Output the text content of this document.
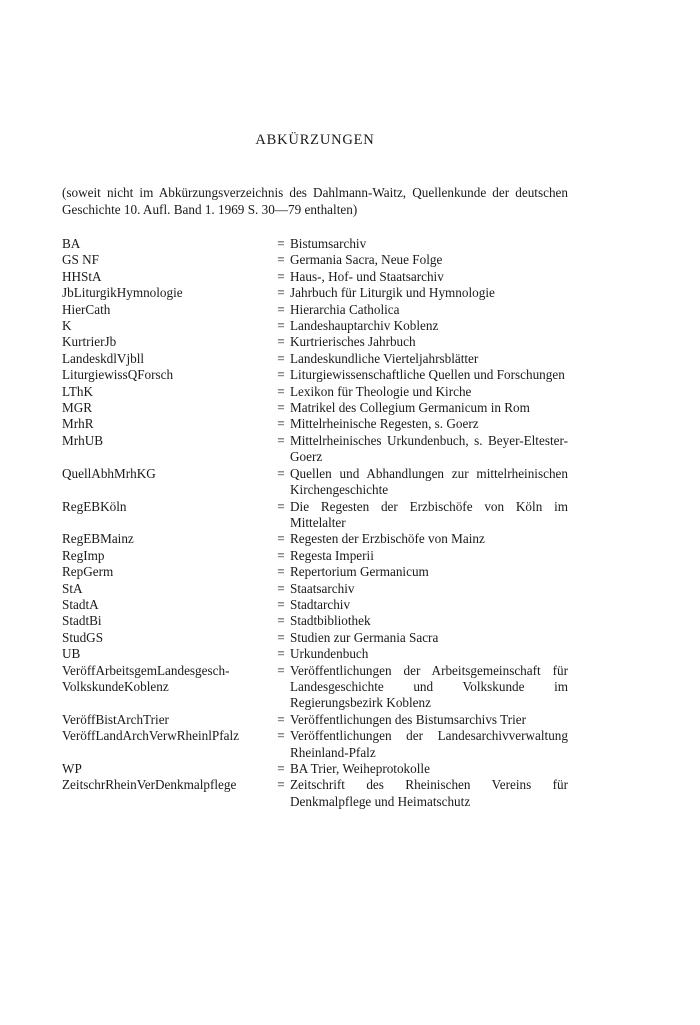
ABKÜRZUNGEN
(soweit nicht im Abkürzungsverzeichnis des Dahlmann-Waitz, Quellenkunde der deutschen Geschichte 10. Aufl. Band 1. 1969 S. 30—79 enthalten)
BA	= Bistumsarchiv
GS NF	= Germania Sacra, Neue Folge
HHStA	= Haus-, Hof- und Staatsarchiv
JbLiturgikHymnologie	= Jahrbuch für Liturgik und Hymnologie
HierCath	= Hierarchia Catholica
K	= Landeshauptarchiv Koblenz
KurtrierJb	= Kurtrierisches Jahrbuch
LandeskdlVjbll	= Landeskundliche Vierteljahrsblätter
LiturgiewissQForsch	= Liturgiewissenschaftliche Quellen und Forschungen
LThK	= Lexikon für Theologie und Kirche
MGR	= Matrikel des Collegium Germanicum in Rom
MrhR	= Mittelrheinische Regesten, s. Goerz
MrhUB	= Mittelrheinisches Urkundenbuch, s. Beyer-Eltester-Goerz
QuellAbhMrhKG	= Quellen und Abhandlungen zur mittelrheinischen Kirchengeschichte
RegEBKöln	= Die Regesten der Erzbischöfe von Köln im Mittelalter
RegEBMainz	= Regesten der Erzbischöfe von Mainz
RegImp	= Regesta Imperii
RepGerm	= Repertorium Germanicum
StA	= Staatsarchiv
StadtA	= Stadtarchiv
StadtBi	= Stadtbibliothek
StudGS	= Studien zur Germania Sacra
UB	= Urkundenbuch
VeröffArbeitsgemLandesgesch-
VolkskundeKoblenz
= Veröffentlichungen der Arbeitsgemeinschaft für Landesgeschichte und Volkskunde im Regierungsbezirk Koblenz
VeröffBistArchTrier	= Veröffentlichungen des Bistumsarchivs Trier
VeröffLandArchVerwRheinlPfalz	= Veröffentlichungen der Landesarchivverwaltung Rheinland-Pfalz
WP	= BA Trier, Weiheprotokolle
ZeitschrRheinVerDenkmalpflege	= Zeitschrift des Rheinischen Vereins für Denkmalpflege und Heimatschutz
